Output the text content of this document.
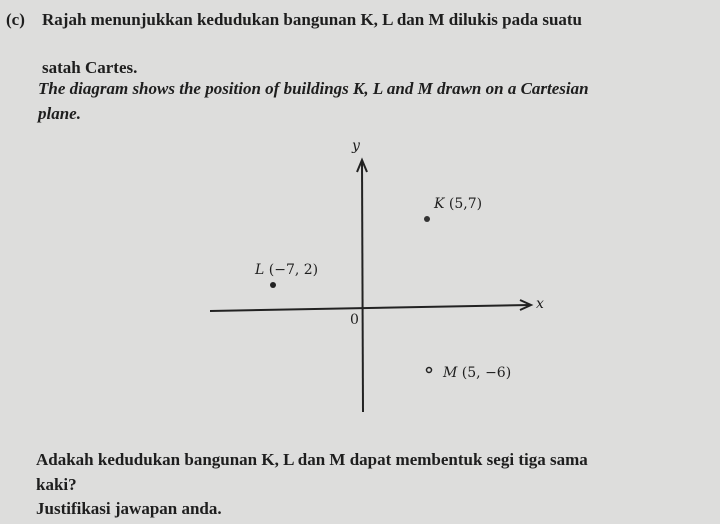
(c) Rajah menunjukkan kedudukan bangunan K, L dan M dilukis pada suatu
satah Cartes.
The diagram shows the position of buildings K, L and M drawn on a Cartesian
plane.
x
y
0
K (5,7)
L (−7, 2)
M (5, −6)
Adakah kedudukan bangunan K, L dan M dapat membentuk segi tiga sama
kaki?
Justifikasi jawapan anda.
